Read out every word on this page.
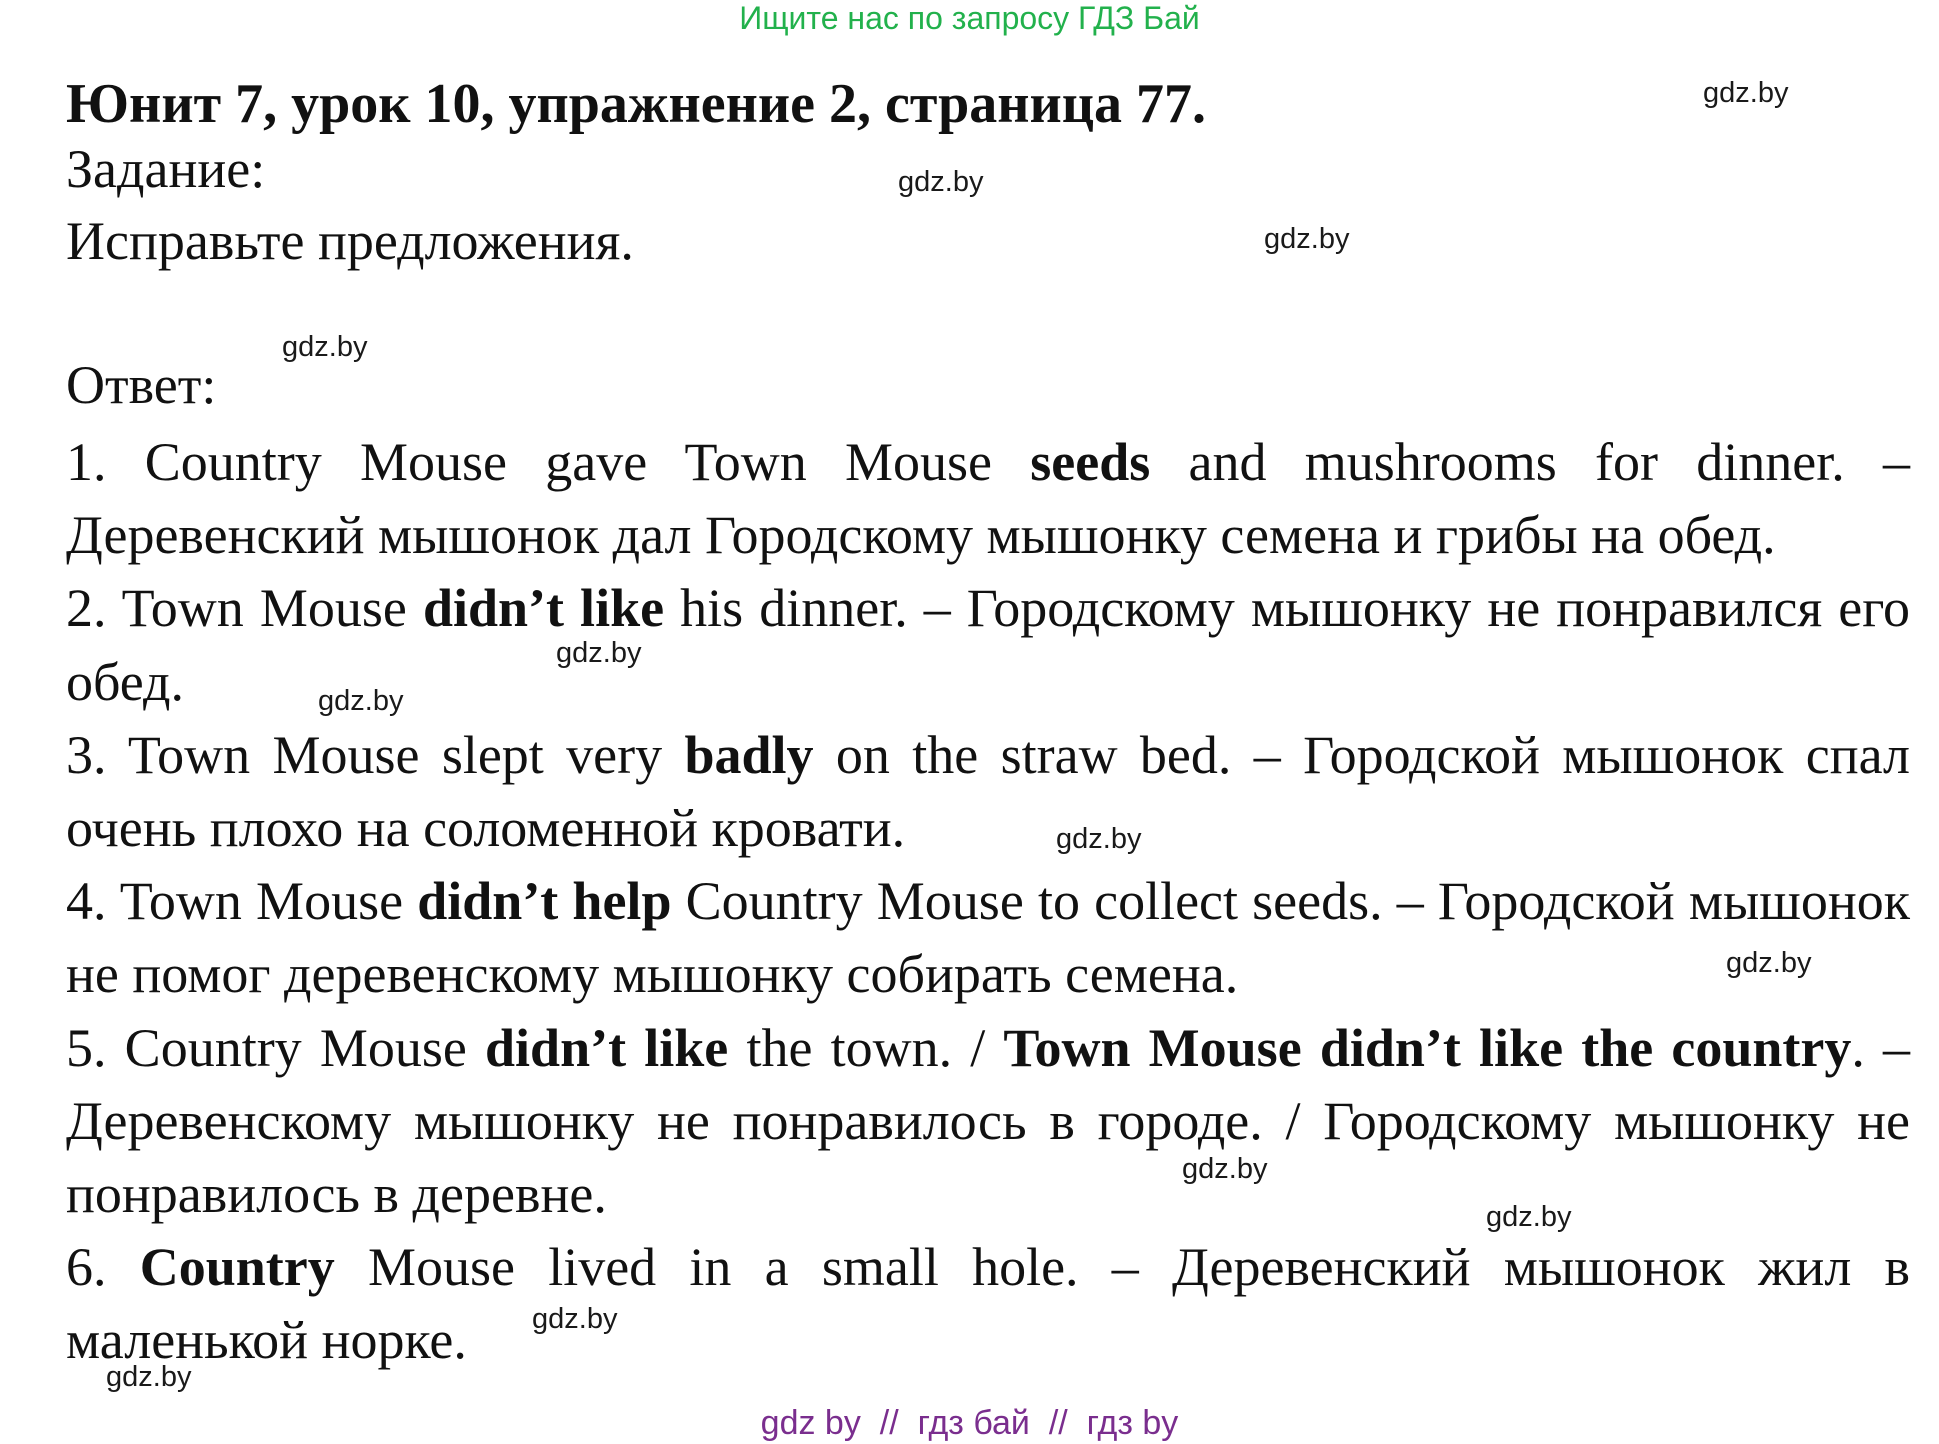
Ищите нас по запросу ГДЗ Бай
Юнит 7, урок 10, упражнение 2, страница 77.
Задание:
Исправьте предложения.
Ответ:

1. Country Mouse gave Town Mouse seeds and mushrooms for dinner. – Деревенский мышонок дал Городскому мышонку семена и грибы на обед.

2. Town Mouse didn’t like his dinner. – Городскому мышонку не понравился его обед.

3. Town Mouse slept very badly on the straw bed. – Городской мышонок спал очень плохо на соломенной кровати.

4. Town Mouse didn’t help Country Mouse to collect seeds. – Городской мышонок не помог деревенскому мышонку собирать семена.

5. Country Mouse didn’t like the town. / Town Mouse didn’t like the country. – Деревенскому мышонку не понравилось в городе. / Городскому мышонку не понравилось в деревне.

6. Country Mouse lived in a small hole. – Деревенский мышонок жил в маленькой норке.

gdz.by
gdz.by
gdz.by
gdz.by
gdz.by
gdz.by
gdz.by
gdz.by
gdz.by
gdz.by
gdz.by
gdz.by
gdz by // гдз бай // гдз by
